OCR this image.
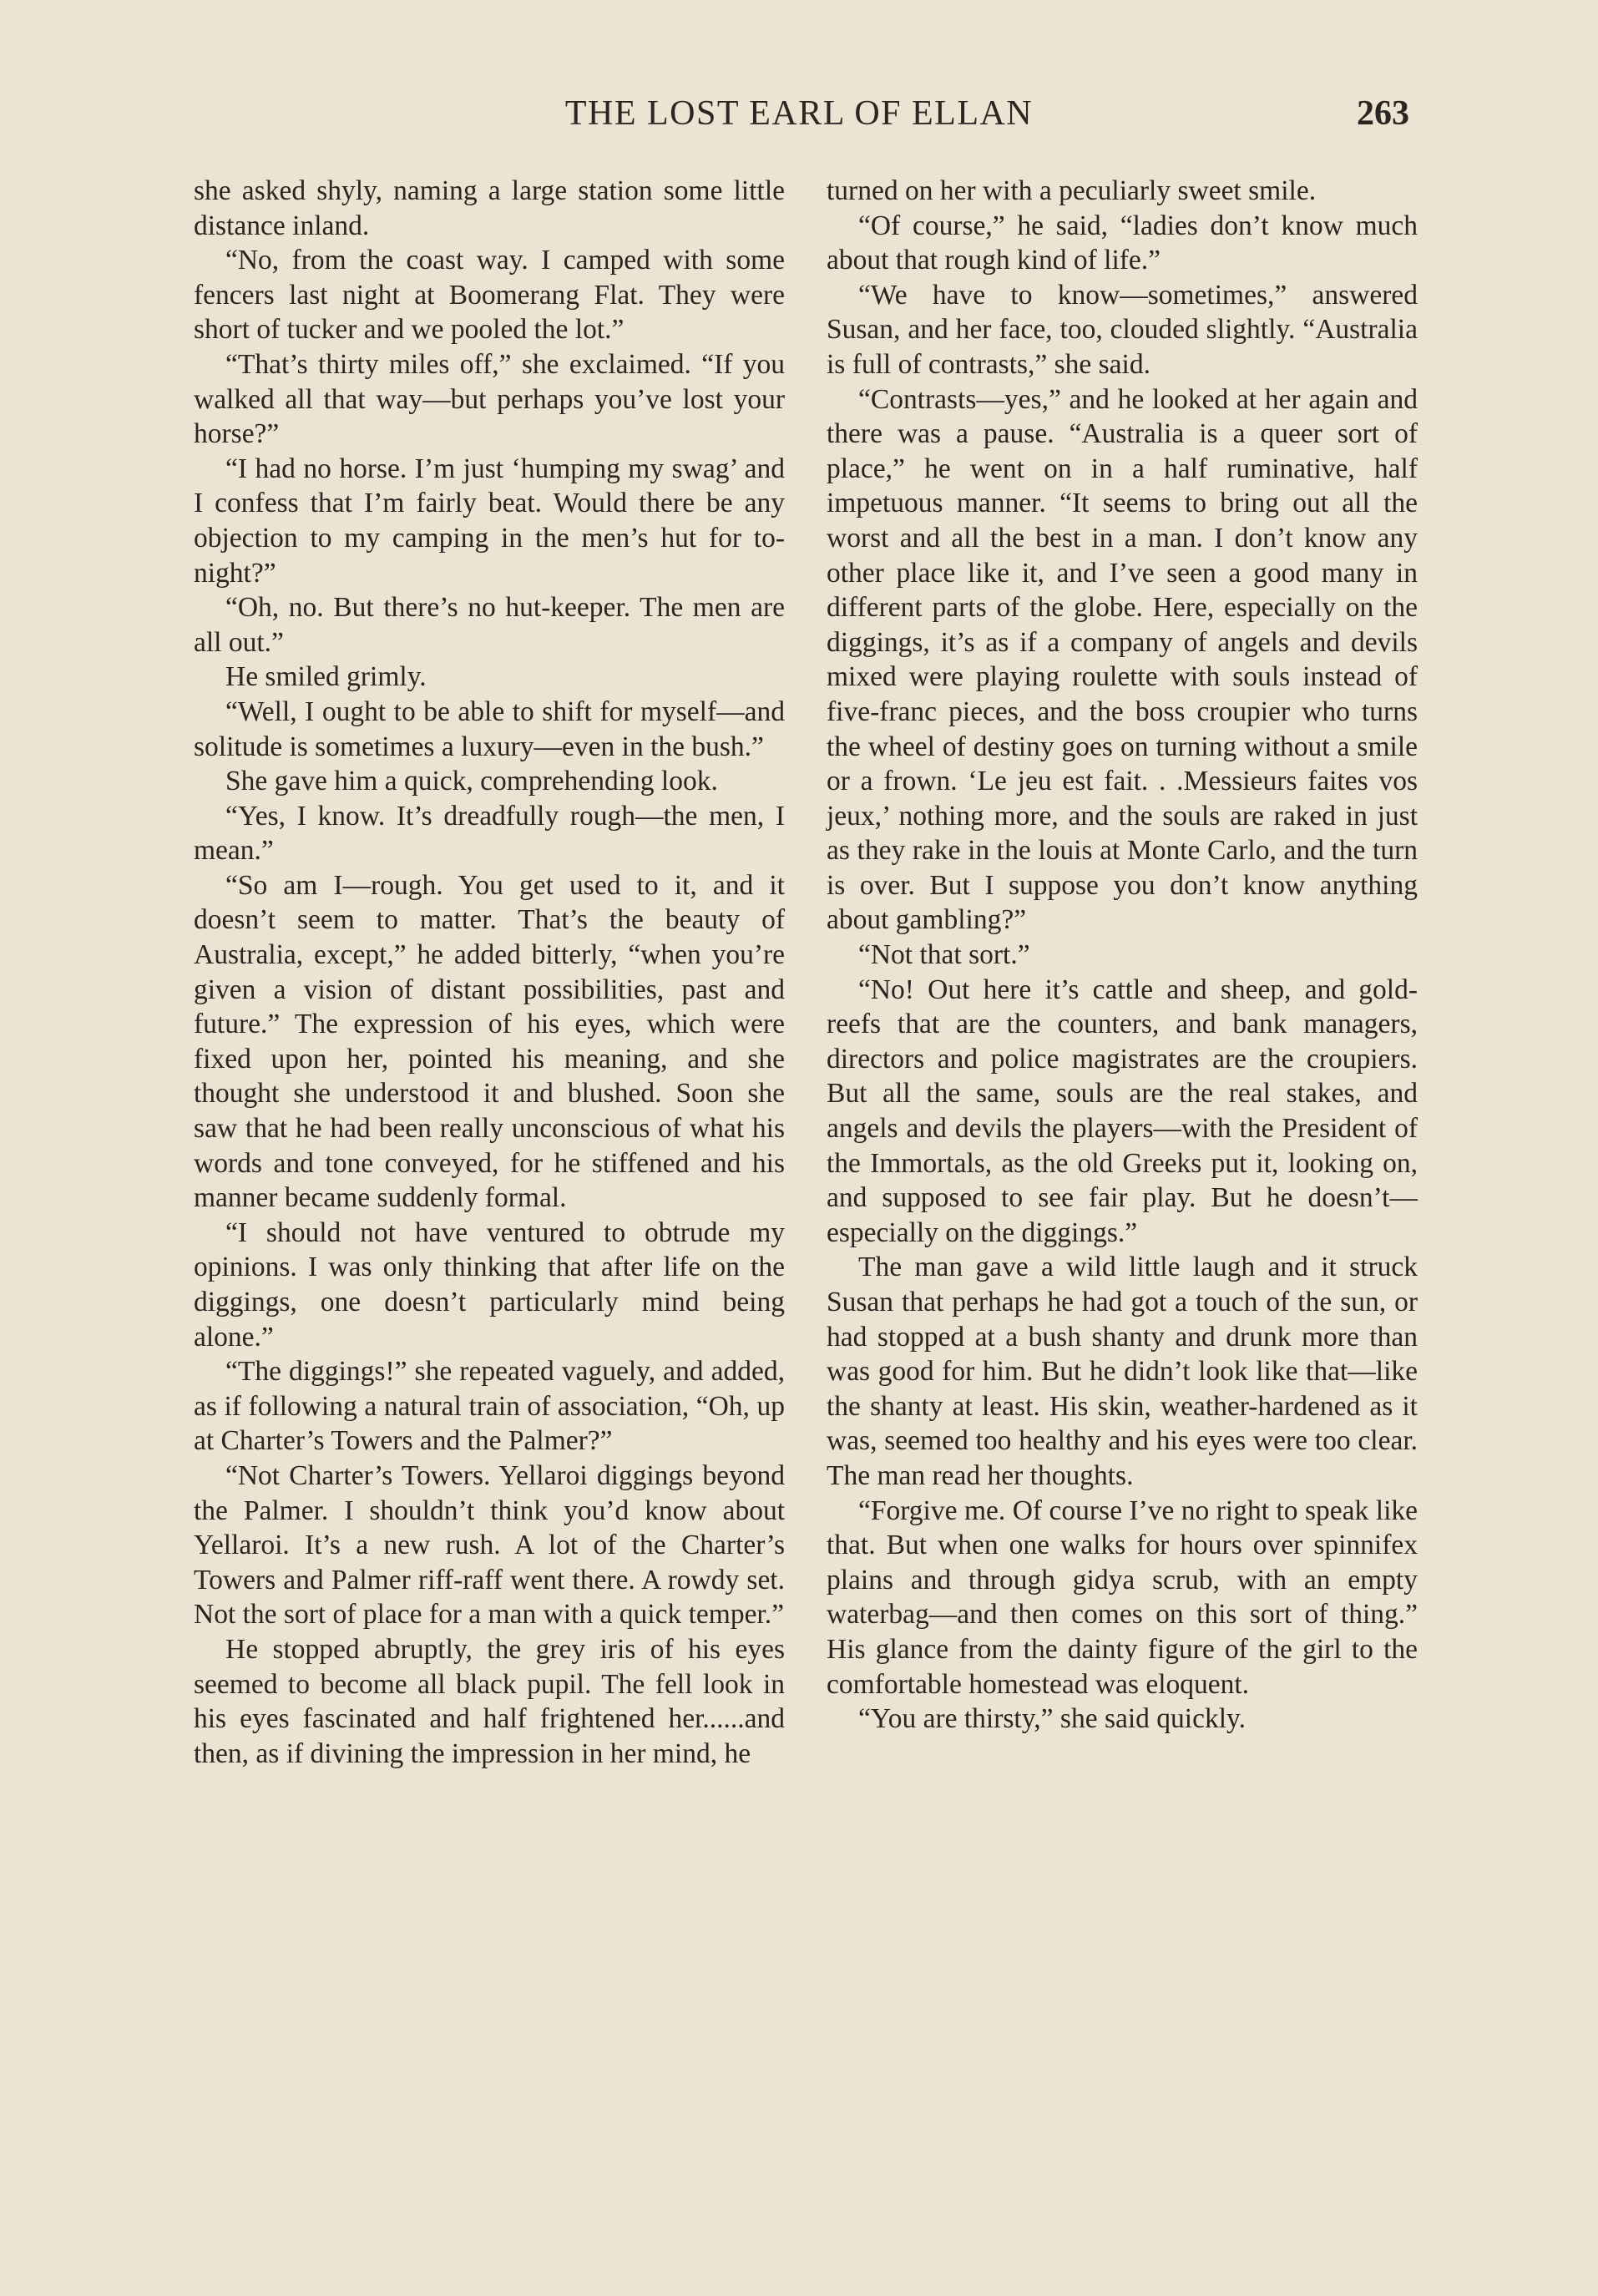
THE LOST EARL OF ELLAN	263

she asked shyly, naming a large station some little distance inland.

“No, from the coast way. I camped with some fencers last night at Boomerang Flat. They were short of tucker and we pooled the lot.”

“That’s thirty miles off,” she exclaimed. “If you walked all that way—but perhaps you’ve lost your horse?”

“I had no horse. I’m just ‘humping my swag’ and I confess that I’m fairly beat. Would there be any objection to my camping in the men’s hut for to-night?”

“Oh, no. But there’s no hut-keeper. The men are all out.”

He smiled grimly.

“Well, I ought to be able to shift for myself—and solitude is sometimes a luxury—even in the bush.”

She gave him a quick, comprehending look.

“Yes, I know. It’s dreadfully rough—the men, I mean.”

“So am I—rough. You get used to it, and it doesn’t seem to matter. That’s the beauty of Australia, except,” he added bitterly, “when you’re given a vision of distant possibilities, past and future.” The expression of his eyes, which were fixed upon her, pointed his meaning, and she thought she understood it and blushed. Soon she saw that he had been really unconscious of what his words and tone conveyed, for he stiffened and his manner became suddenly formal.

“I should not have ventured to obtrude my opinions. I was only thinking that after life on the diggings, one doesn’t particularly mind being alone.”

“The diggings!” she repeated vaguely, and added, as if following a natural train of association, “Oh, up at Charter’s Towers and the Palmer?”

“Not Charter’s Towers. Yellaroi diggings beyond the Palmer. I shouldn’t think you’d know about Yellaroi. It’s a new rush. A lot of the Charter’s Towers and Palmer riff-raff went there. A rowdy set. Not the sort of place for a man with a quick temper.”

He stopped abruptly, the grey iris of his eyes seemed to become all black pupil. The fell look in his eyes fascinated and half frightened her......and then, as if divining the impression in her mind, he

turned on her with a peculiarly sweet smile.

“Of course,” he said, “ladies don’t know much about that rough kind of life.”

“We have to know—sometimes,” answered Susan, and her face, too, clouded slightly. “Australia is full of contrasts,” she said.

“Contrasts—yes,” and he looked at her again and there was a pause. “Australia is a queer sort of place,” he went on in a half ruminative, half impetuous manner. “It seems to bring out all the worst and all the best in a man. I don’t know any other place like it, and I’ve seen a good many in different parts of the globe. Here, especially on the diggings, it’s as if a company of angels and devils mixed were playing roulette with souls instead of five-franc pieces, and the boss croupier who turns the wheel of destiny goes on turning without a smile or a frown. ‘Le jeu est fait. . .Messieurs faites vos jeux,’ nothing more, and the souls are raked in just as they rake in the louis at Monte Carlo, and the turn is over. But I suppose you don’t know anything about gambling?”

“Not that sort.”

“No! Out here it’s cattle and sheep, and gold-reefs that are the counters, and bank managers, directors and police magistrates are the croupiers. But all the same, souls are the real stakes, and angels and devils the players—with the President of the Immortals, as the old Greeks put it, looking on, and supposed to see fair play. But he doesn’t—especially on the diggings.”

The man gave a wild little laugh and it struck Susan that perhaps he had got a touch of the sun, or had stopped at a bush shanty and drunk more than was good for him. But he didn’t look like that—like the shanty at least. His skin, weather-hardened as it was, seemed too healthy and his eyes were too clear. The man read her thoughts.

“Forgive me. Of course I’ve no right to speak like that. But when one walks for hours over spinnifex plains and through gidya scrub, with an empty waterbag—and then comes on this sort of thing.” His glance from the dainty figure of the girl to the comfortable homestead was eloquent.

“You are thirsty,” she said quickly.
